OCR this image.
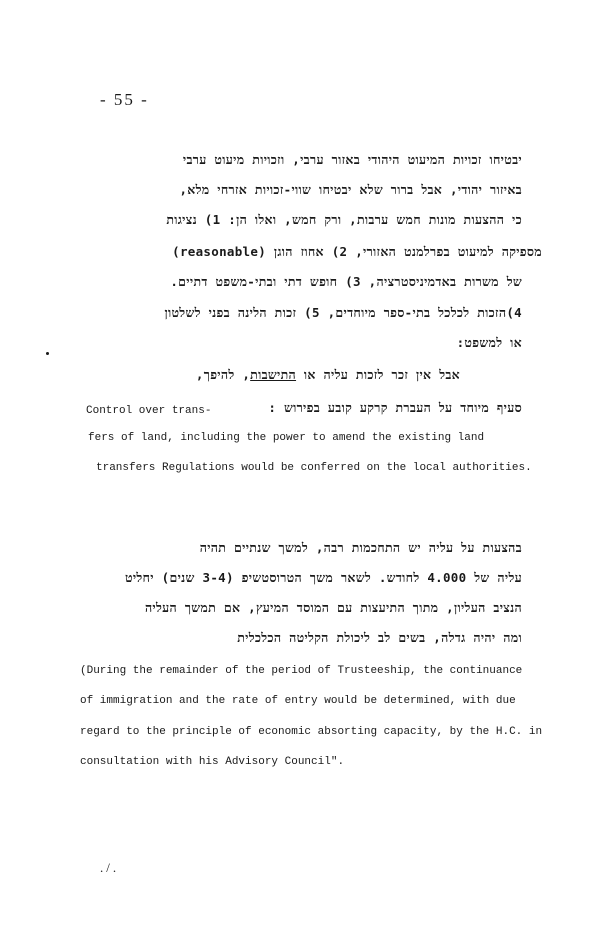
- 55 -
יבטיחו זכויות המיעוט היהודי באזור ערבי, וזכויות מיעוט ערבי
באיזור יהודי, אבל ברור שלא יבטיחו שווי-זכויות אזרחי מלא,
כי ההצעות מונות חמש ערבות, ורק חמש, ואלו הן: 1) נציגות
מספיקה למיעוט בפרלמנט האזורי, 2) אחוז הוגן (reasonable)
של משרות באדמיניסטרציה, 3) חופש דתי ובתי-משפט דתיים.
4)הזכות לכלכל בתי-ספר מיוחדים, 5) זכות הלינה בפני לשלטון
או למשפט:
אבל אין זכר לזכות עליה או התישבות, להיפך,
Control over trans-	סעיף מיוחד על העברת קרקע קובע בפירוש :
fers of land, including the power to amend the existing land
transfers Regulations would be conferred on the local authorities.
בהצעות על עליה יש התחכמות רבה, למשך שנתיים תהיה
עליה של 4.000 לחודש. לשאר משך הטרוסטשיפ (3-4 שנים) יחליט
הנציב העליון, מתוך התיעצות עם המוסד המיעץ, אם תמשך העליה
ומה יהיה גדלה, בשים לב ליכולת הקליטה הכלכלית
(During the remainder of the period of Trusteeship, the continuance
of immigration and the rate of entry would be determined, with due
regard to the principle of economic absorting capacity, by the H.C. in
consultation with his Advisory Council".
./.
